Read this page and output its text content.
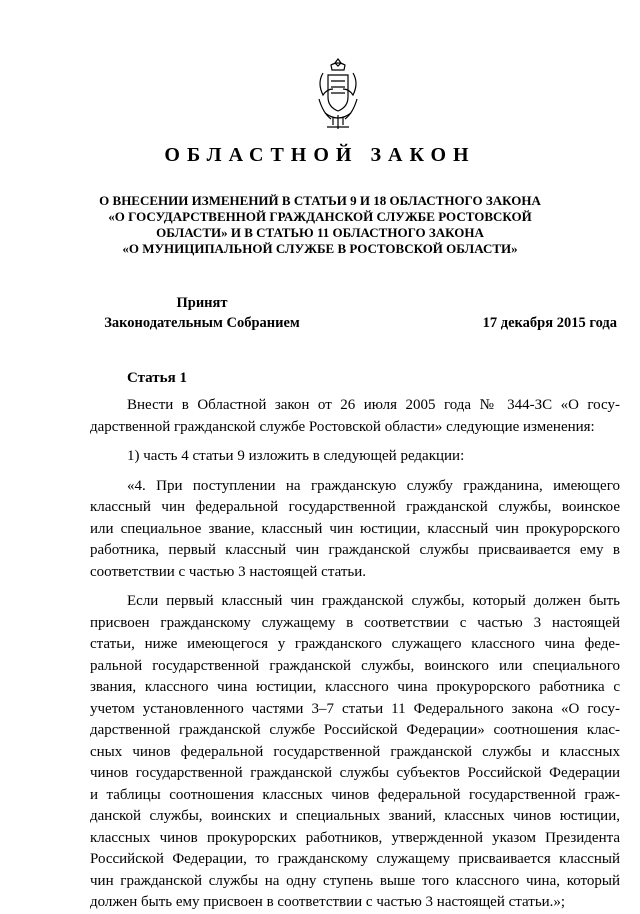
ОБЛАСТНОЙ ЗАКОН
О ВНЕСЕНИИ ИЗМЕНЕНИЙ В СТАТЬИ 9 И 18 ОБЛАСТНОГО ЗАКОНА
«О ГОСУДАРСТВЕННОЙ ГРАЖДАНСКОЙ СЛУЖБЕ РОСТОВСКОЙ
ОБЛАСТИ» И В СТАТЬЮ 11 ОБЛАСТНОГО ЗАКОНА
«О МУНИЦИПАЛЬНОЙ СЛУЖБЕ В РОСТОВСКОЙ ОБЛАСТИ»
Принят
Законодательным Собранием	17 декабря 2015 года
Статья 1
Внести в Областной закон от 26 июля 2005 года № 344-ЗС «О госу-
дарственной гражданской службе Ростовской области» следующие изменения:
1) часть 4 статьи 9 изложить в следующей редакции:
«4. При поступлении на гражданскую службу гражданина, имеющего
классный чин федеральной государственной гражданской службы, воинское
или специальное звание, классный чин юстиции, классный чин прокурорского
работника, первый классный чин гражданской службы присваивается ему в
соответствии с частью 3 настоящей статьи.
Если первый классный чин гражданской службы, который должен быть
присвоен гражданскому служащему в соответствии с частью 3 настоящей
статьи, ниже имеющегося у гражданского служащего классного чина феде-
ральной государственной гражданской службы, воинского или специального
звания, классного чина юстиции, классного чина прокурорского работника с
учетом установленного частями 3–7 статьи 11 Федерального закона «О госу-
дарственной гражданской службе Российской Федерации» соотношения клас-
сных чинов федеральной государственной гражданской службы и классных
чинов государственной гражданской службы субъектов Российской Федерации
и таблицы соотношения классных чинов федеральной государственной граж-
данской службы, воинских и специальных званий, классных чинов юстиции,
классных чинов прокурорских работников, утвержденной указом Президента
Российской Федерации, то гражданскому служащему присваивается классный
чин гражданской службы на одну ступень выше того классного чина, который
должен быть ему присвоен в соответствии с частью 3 настоящей статьи.»;
